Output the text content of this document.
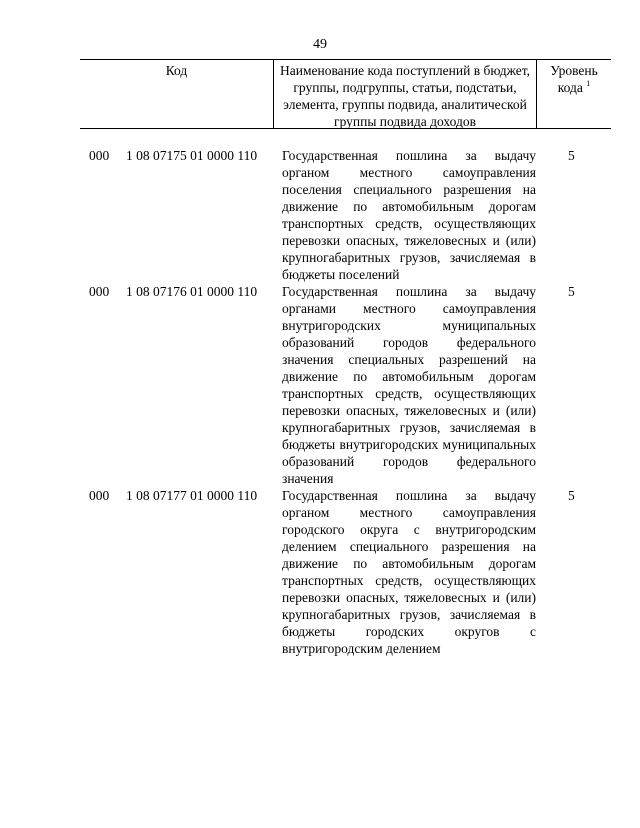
49
Код	Наименование кода поступлений в бюджет, группы, подгруппы, статьи, подстатьи, элемента, группы подвида, аналитической группы подвида доходов
Уровень кода $^1$
000 1 08 07175 01 0000 110 Государственная пошлина за выдачу органом местного самоуправления поселения специального разрешения на движение по автомобильным дорогам транспортных средств, осуществляющих перевозки опасных, тяжеловесных и (или) крупногабаритных грузов, зачисляемая в бюджеты поселений
5
000 1 08 07176 01 0000 110 Государственная пошлина за выдачу органами местного самоуправления внутригородских муниципальных образований городов федерального значения специальных разрешений на движение по автомобильным дорогам транспортных средств, осуществляющих перевозки опасных, тяжеловесных и (или) крупногабаритных грузов, зачисляемая в бюджеты внутригородских муниципальных образований городов федерального значения
5
000 1 08 07177 01 0000 110 Государственная пошлина за выдачу органом местного самоуправления городского округа с внутригородским делением специального разрешения на движение по автомобильным дорогам транспортных средств, осуществляющих перевозки опасных, тяжеловесных и (или) крупногабаритных грузов, зачисляемая в бюджеты городских округов с внутригородским делением
5
